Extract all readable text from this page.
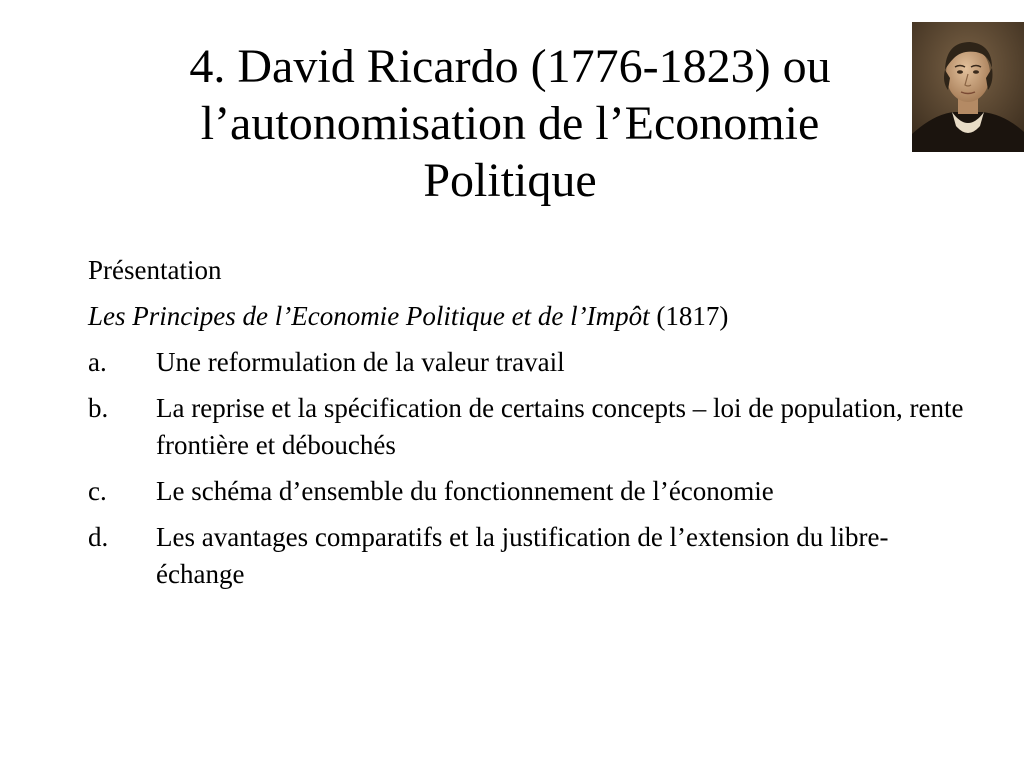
4. David Ricardo (1776-1823) ou
l’autonomisation de l’Economie
Politique

Présentation

Les Principes de l’Economie Politique et de l’Impôt (1817)

a. Une reformulation de la valeur travail
b. La reprise et la spécification de certains concepts – loi de population, rente frontière et débouchés
c. Le schéma d’ensemble du fonctionnement de l’économie
d. Les avantages comparatifs et la justification de l’extension du libre-échange
